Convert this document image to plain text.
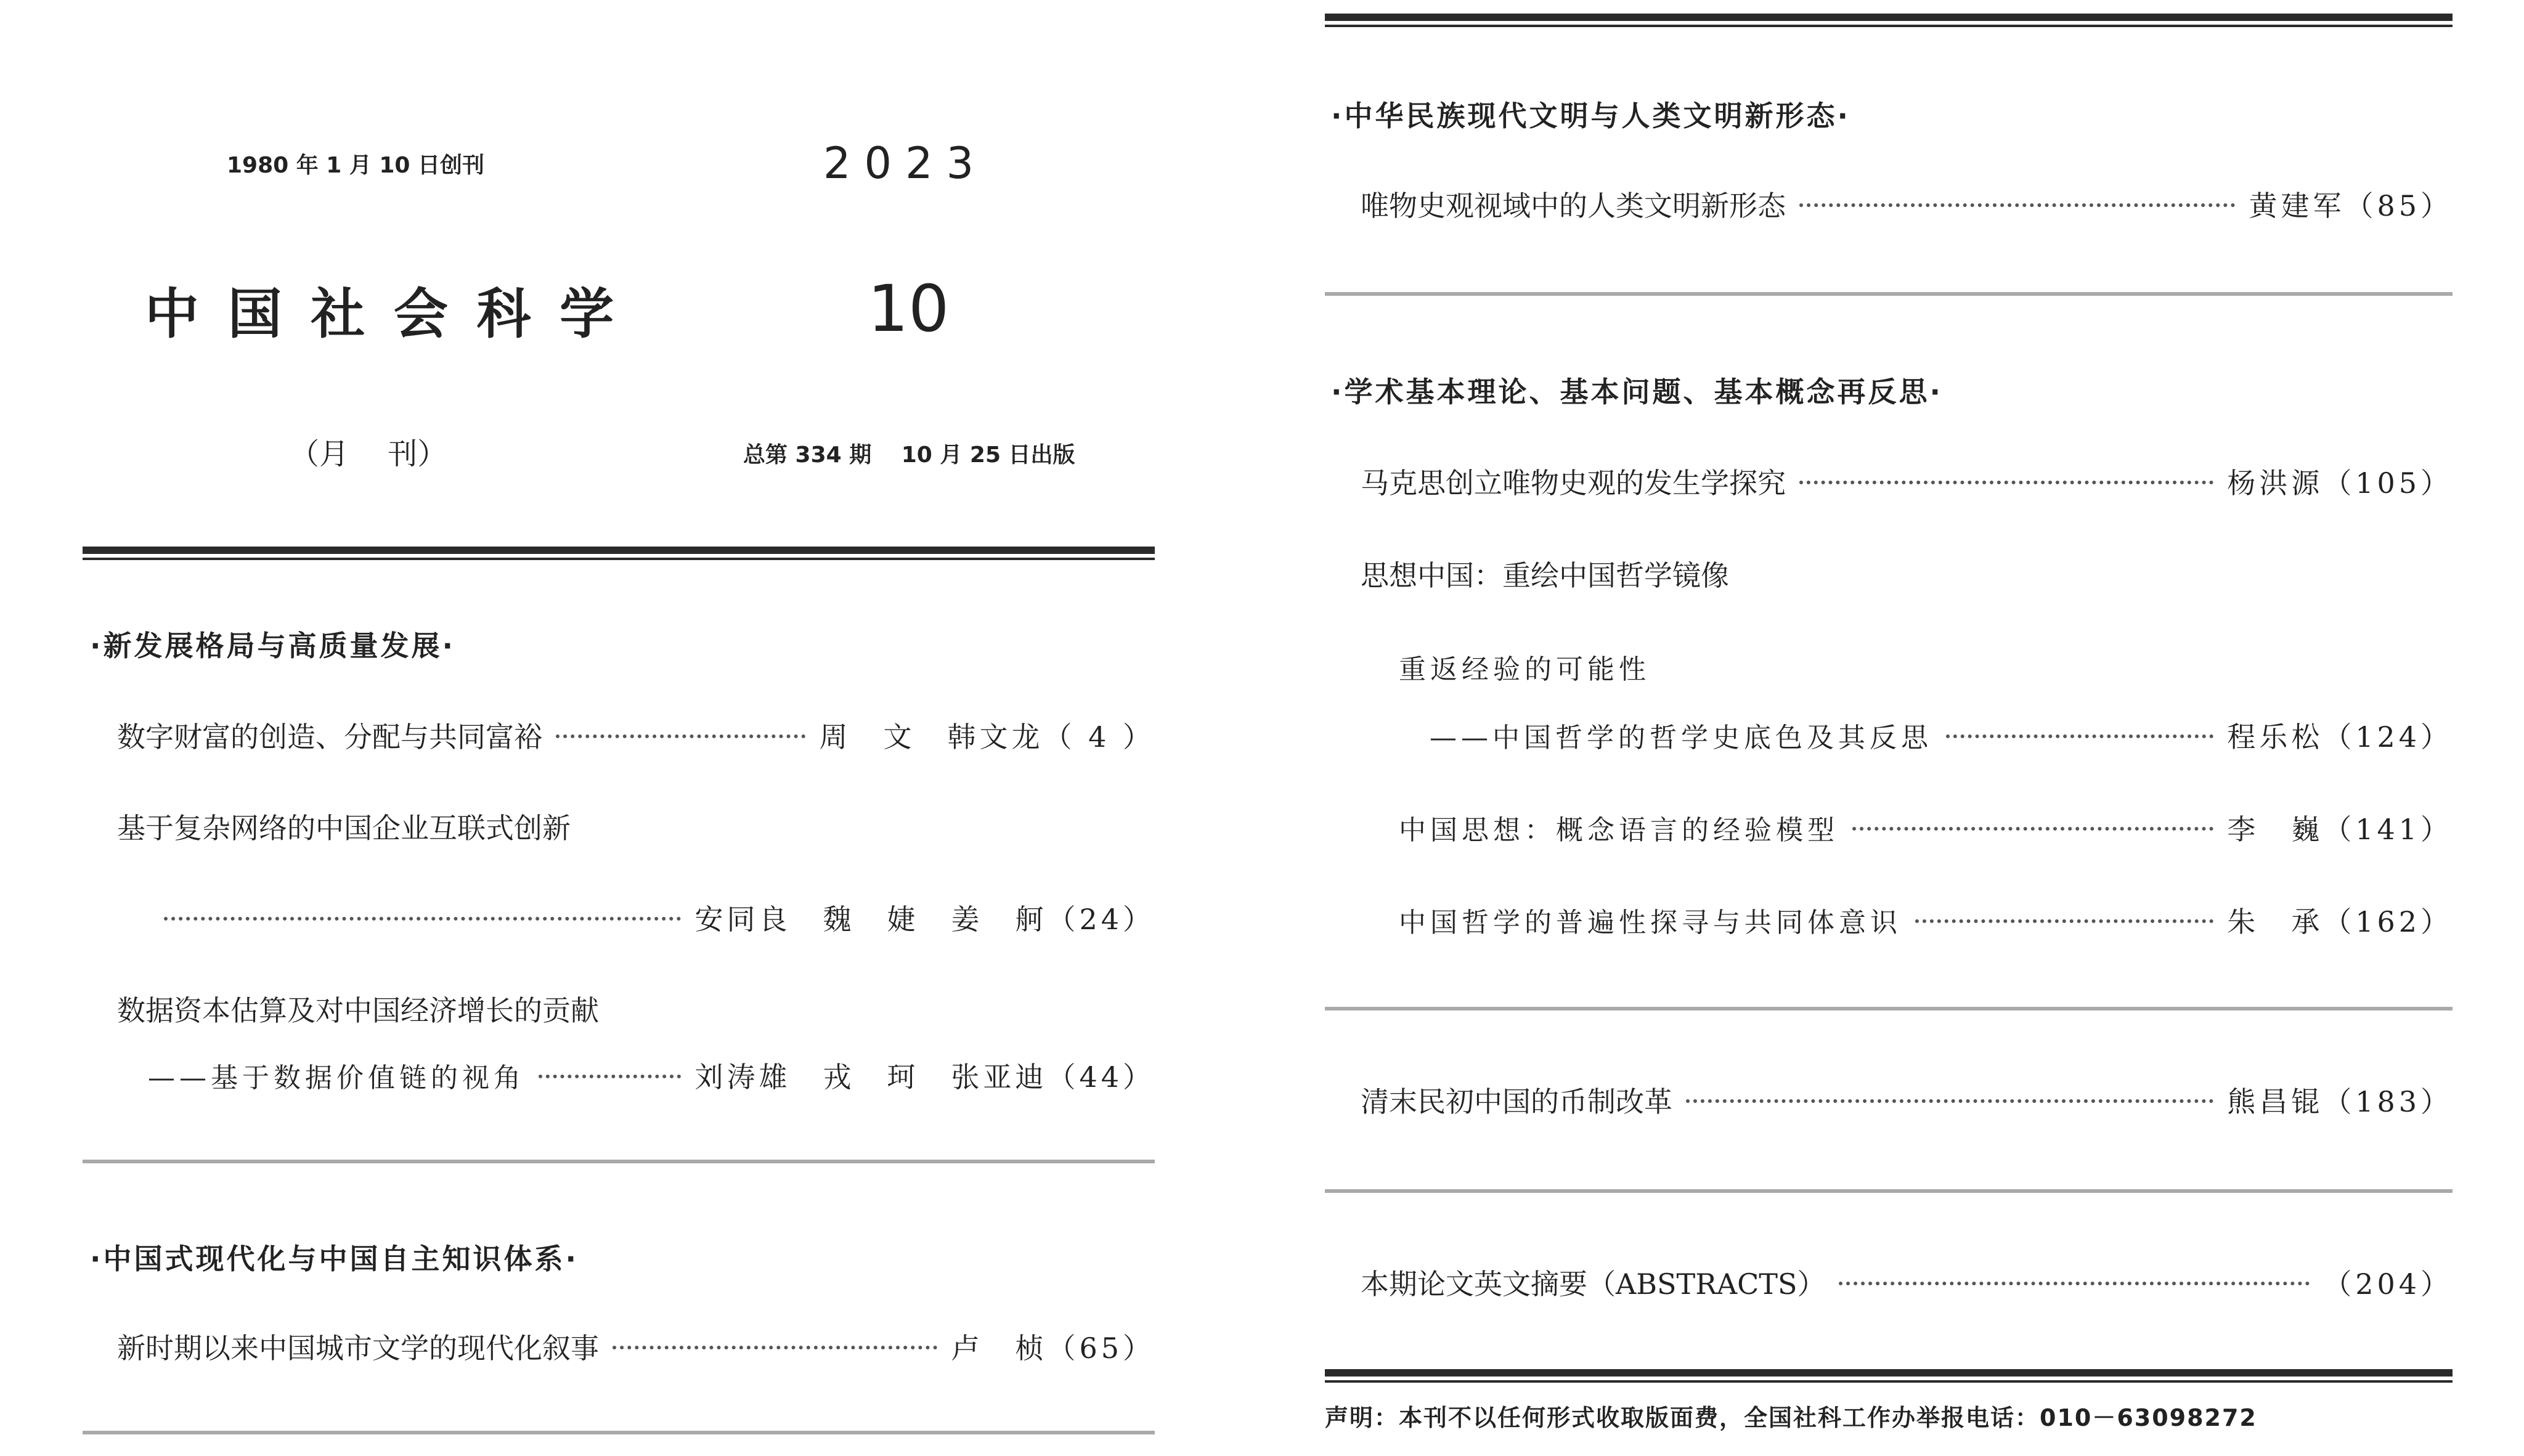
1980 年 1 月 10 日创刊	2023
中 国 社 会 科 学	10
（月　 刊）	总第 334 期　 10 月 25 日出版
·新发展格局与高质量发展·
数字财富的创造、分配与共同富裕	周　文　韩文龙 （ 4 ）
基于复杂网络的中国企业互联式创新
安同良　魏　婕　姜　舸 （24）
数据资本估算及对中国经济增长的贡献
——基于数据价值链的视角	刘涛雄　戎　珂　张亚迪 （44）
·中国式现代化与中国自主知识体系·
新时期以来中国城市文学的现代化叙事	卢　桢 （65）
·中华民族现代文明与人类文明新形态·
唯物史观视域中的人类文明新形态	黄建军 （85）
·学术基本理论、基本问题、基本概念再反思·
马克思创立唯物史观的发生学探究	杨洪源 （105）
思想中国：重绘中国哲学镜像
重返经验的可能性
——中国哲学的哲学史底色及其反思	程乐松 （124）
中国思想：概念语言的经验模型	李　巍 （141）
中国哲学的普遍性探寻与共同体意识	朱　承 （162）
清末民初中国的币制改革	熊昌锟 （183）
本期论文英文摘要（ABSTRACTS）	（204）
声明：本刊不以任何形式收取版面费，全国社科工作办举报电话：010－63098272
